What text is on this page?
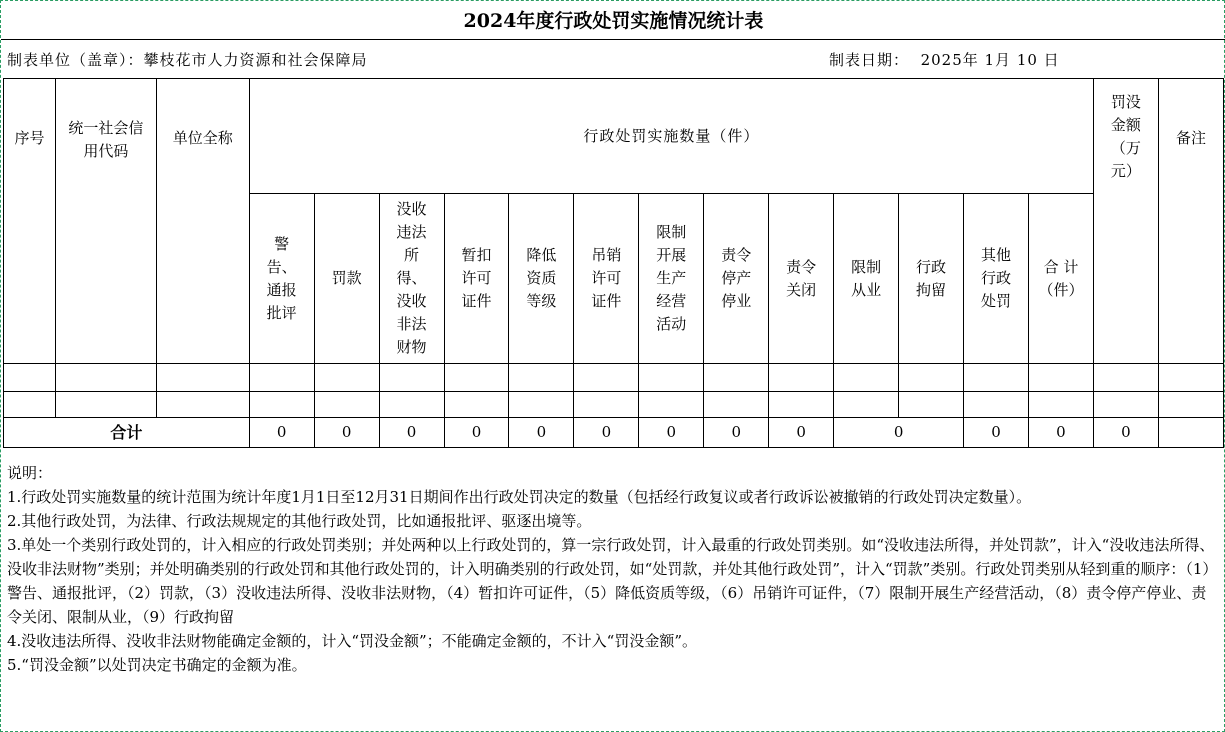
2024年度行政处罚实施情况统计表
制表单位（盖章）：攀枝花市人力资源和社会保障局	制表日期： 2025年 1月 10 日
序号	统一社会信用代码	单位全称	行政处罚实施数量（件）													罚没金额（万元）	备注
			警告、通报批评	罚款	没收违法所得、没收非法财物	暂扣许可证件	降低资质等级	吊销许可证件	限制开展生产经营活动	责令停产停业	责令关闭	限制从业	行政拘留	其他行政处罚	合 计（件）		

合计			0	0	0	0	0	0	0	0	0	0		0	0	0	

说明：

1.行政处罚实施数量的统计范围为统计年度1月1日至12月31日期间作出行政处罚决定的数量（包括经行政复议或者行政诉讼被撤销的行政处罚决定数量）。

2.其他行政处罚，为法律、行政法规规定的其他行政处罚，比如通报批评、驱逐出境等。

3.单处一个类别行政处罚的，计入相应的行政处罚类别；并处两种以上行政处罚的，算一宗行政处罚，计入最重的行政处罚类别。如“没收违法所得，并处罚款”，计入“没收违法所得、没收非法财物”类别；并处明确类别的行政处罚和其他行政处罚的，计入明确类别的行政处罚，如“处罚款，并处其他行政处罚”，计入“罚款”类别。行政处罚类别从轻到重的顺序：（1）警告、通报批评，（2）罚款，（3）没收违法所得、没收非法财物，（4）暂扣许可证件，（5）降低资质等级，（6）吊销许可证件，（7）限制开展生产经营活动，（8）责令停产停业、责令关闭、限制从业，（9）行政拘留

4.没收违法所得、没收非法财物能确定金额的，计入“罚没金额”；不能确定金额的，不计入“罚没金额”。

5.“罚没金额”以处罚决定书确定的金额为准。
